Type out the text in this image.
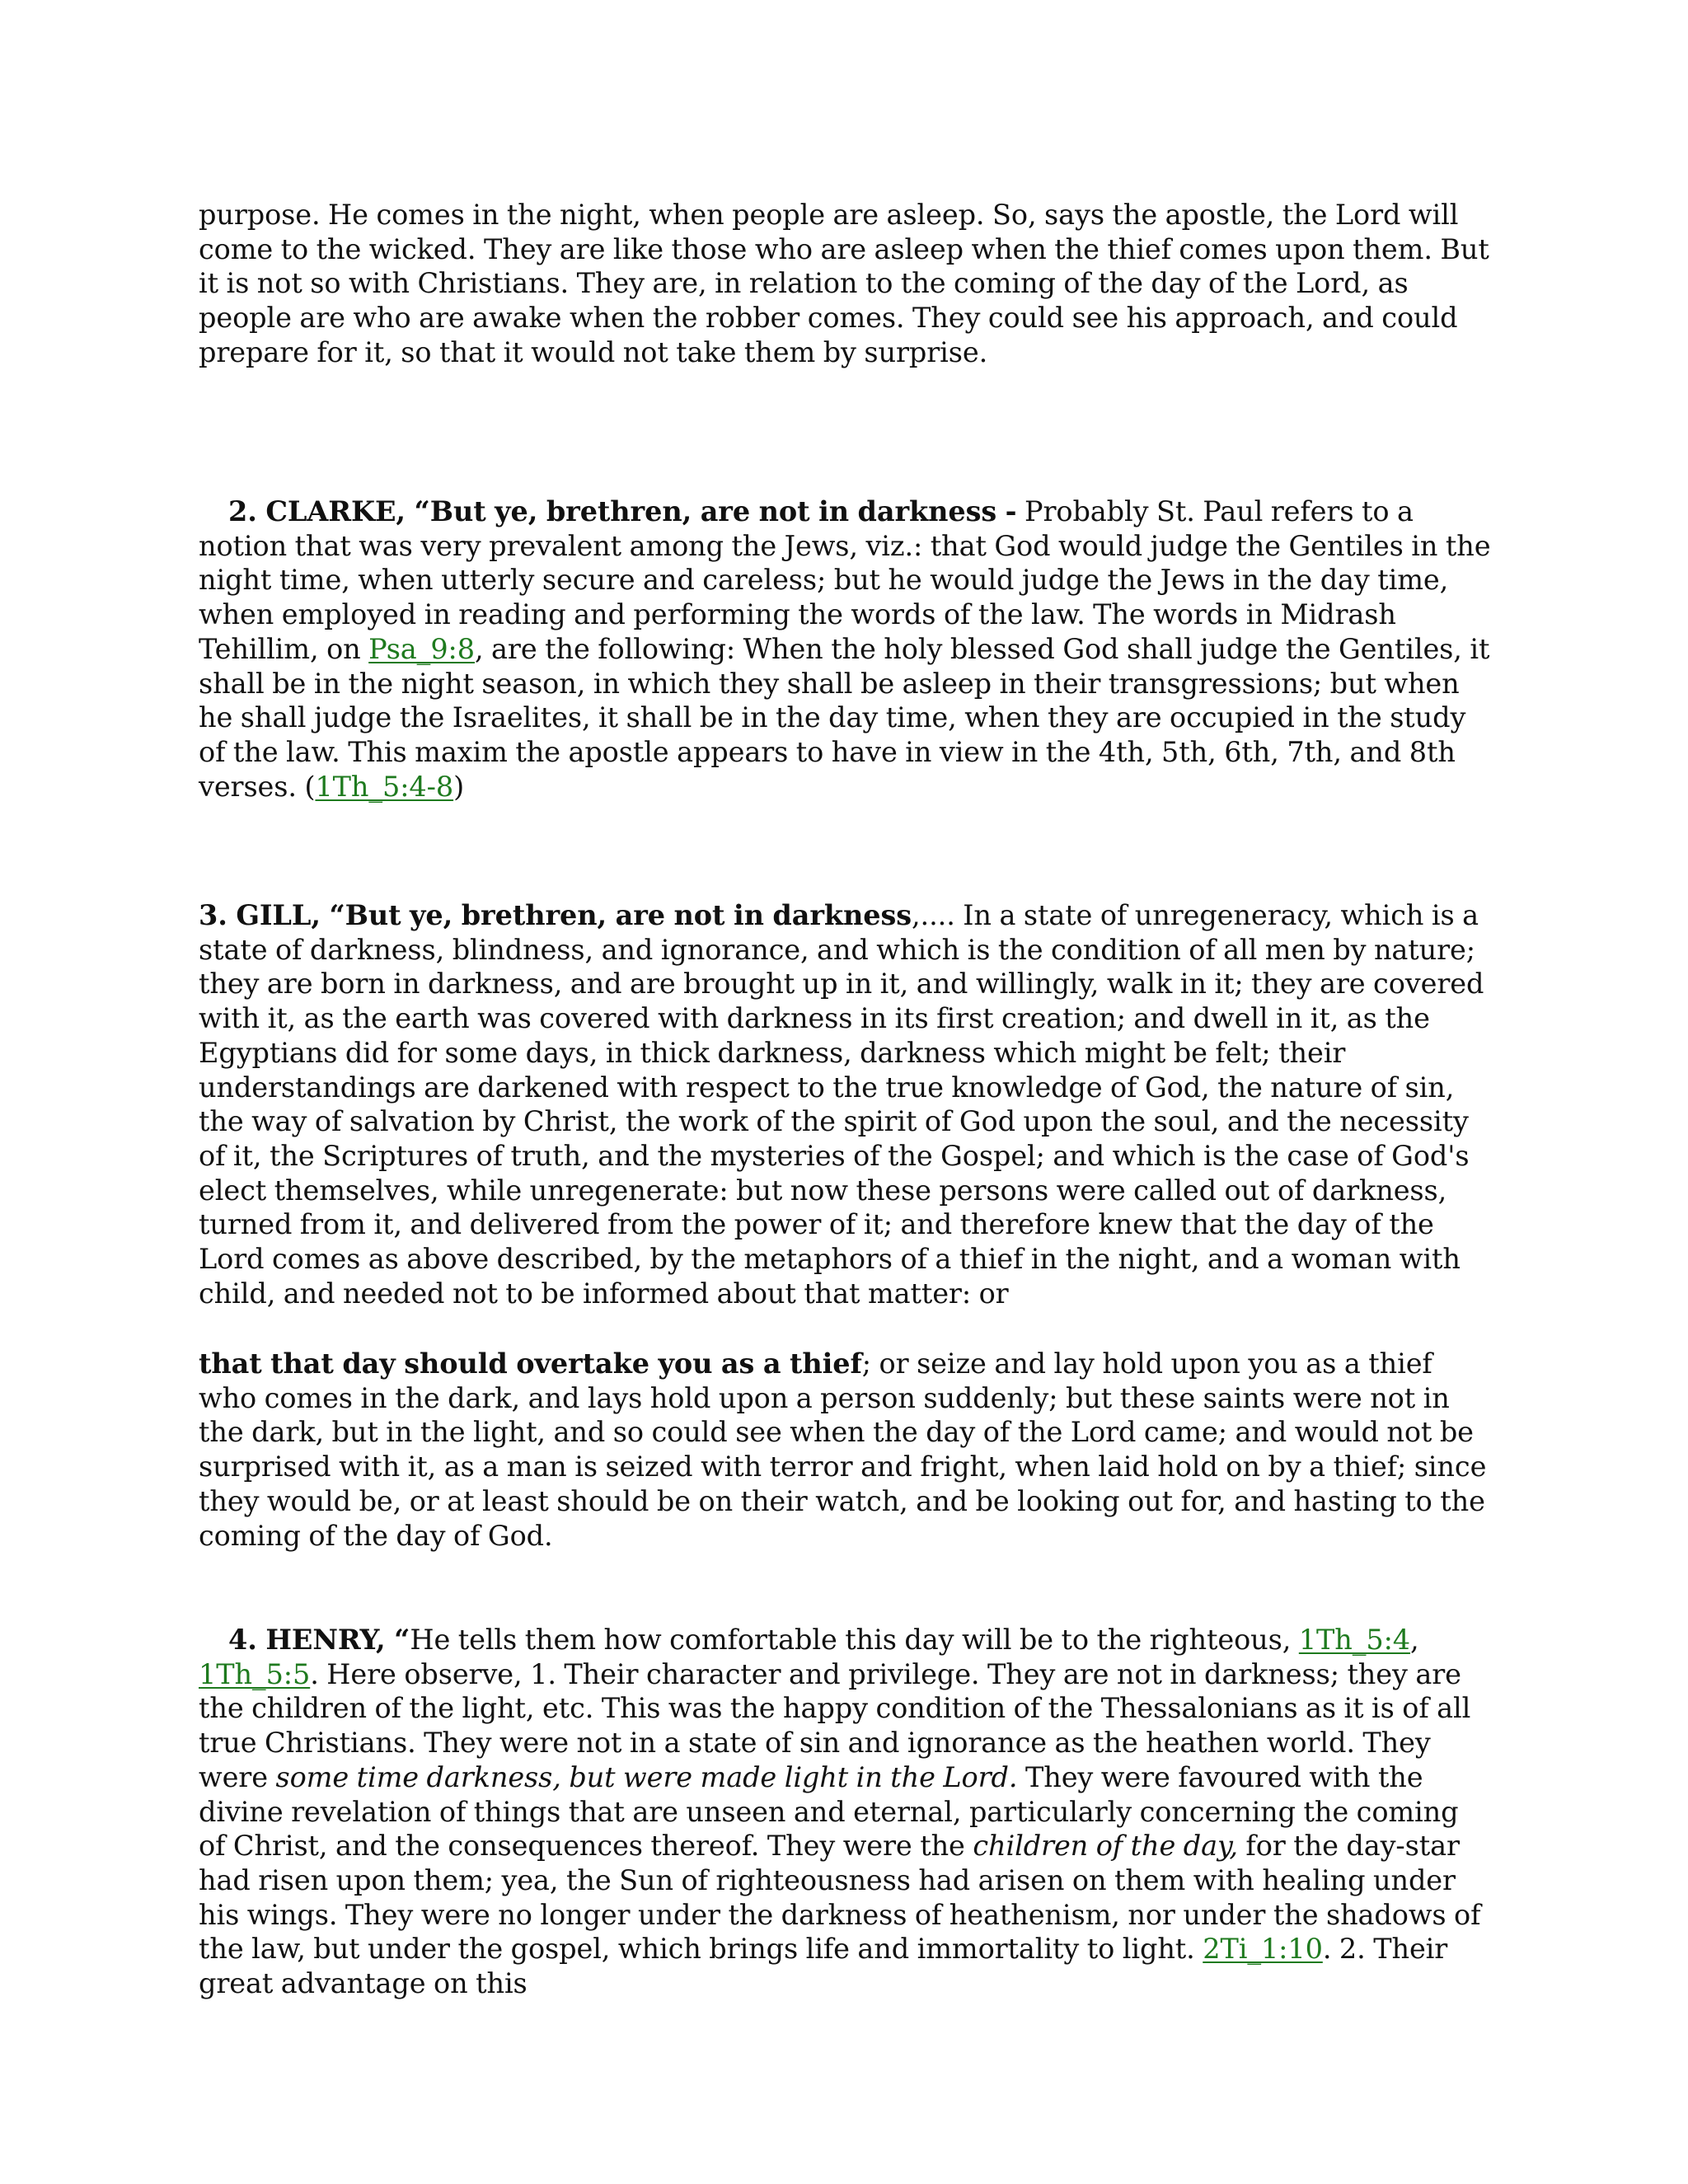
purpose. He comes in the night, when people are asleep. So, says the apostle, the Lord will come to the wicked. They are like those who are asleep when the thief comes upon them. But it is not so with Christians. They are, in relation to the coming of the day of the Lord, as people are who are awake when the robber comes. They could see his approach, and could prepare for it, so that it would not take them by surprise.

2. CLARKE, “But ye, brethren, are not in darkness - Probably St. Paul refers to a notion that was very prevalent among the Jews, viz.: that God would judge the Gentiles in the night time, when utterly secure and careless; but he would judge the Jews in the day time, when employed in reading and performing the words of the law. The words in Midrash Tehillim, on Psa_9:8, are the following: When the holy blessed God shall judge the Gentiles, it shall be in the night season, in which they shall be asleep in their transgressions; but when he shall judge the Israelites, it shall be in the day time, when they are occupied in the study of the law. This maxim the apostle appears to have in view in the 4th, 5th, 6th, 7th, and 8th verses. (1Th_5:4-8)

3. GILL, “But ye, brethren, are not in darkness,.... In a state of unregeneracy, which is a state of darkness, blindness, and ignorance, and which is the condition of all men by nature; they are born in darkness, and are brought up in it, and willingly, walk in it; they are covered with it, as the earth was covered with darkness in its first creation; and dwell in it, as the Egyptians did for some days, in thick darkness, darkness which might be felt; their understandings are darkened with respect to the true knowledge of God, the nature of sin, the way of salvation by Christ, the work of the spirit of God upon the soul, and the necessity of it, the Scriptures of truth, and the mysteries of the Gospel; and which is the case of God's elect themselves, while unregenerate: but now these persons were called out of darkness, turned from it, and delivered from the power of it; and therefore knew that the day of the Lord comes as above described, by the metaphors of a thief in the night, and a woman with child, and needed not to be informed about that matter: or

that that day should overtake you as a thief; or seize and lay hold upon you as a thief who comes in the dark, and lays hold upon a person suddenly; but these saints were not in the dark, but in the light, and so could see when the day of the Lord came; and would not be surprised with it, as a man is seized with terror and fright, when laid hold on by a thief; since they would be, or at least should be on their watch, and be looking out for, and hasting to the coming of the day of God.

4. HENRY, “He tells them how comfortable this day will be to the righteous, 1Th_5:4, 1Th_5:5. Here observe, 1. Their character and privilege. They are not in darkness; they are the children of the light, etc. This was the happy condition of the Thessalonians as it is of all true Christians. They were not in a state of sin and ignorance as the heathen world. They were some time darkness, but were made light in the Lord. They were favoured with the divine revelation of things that are unseen and eternal, particularly concerning the coming of Christ, and the consequences thereof. They were the children of the day, for the day-star had risen upon them; yea, the Sun of righteousness had arisen on them with healing under his wings. They were no longer under the darkness of heathenism, nor under the shadows of the law, but under the gospel, which brings life and immortality to light. 2Ti_1:10. 2. Their great advantage on this
